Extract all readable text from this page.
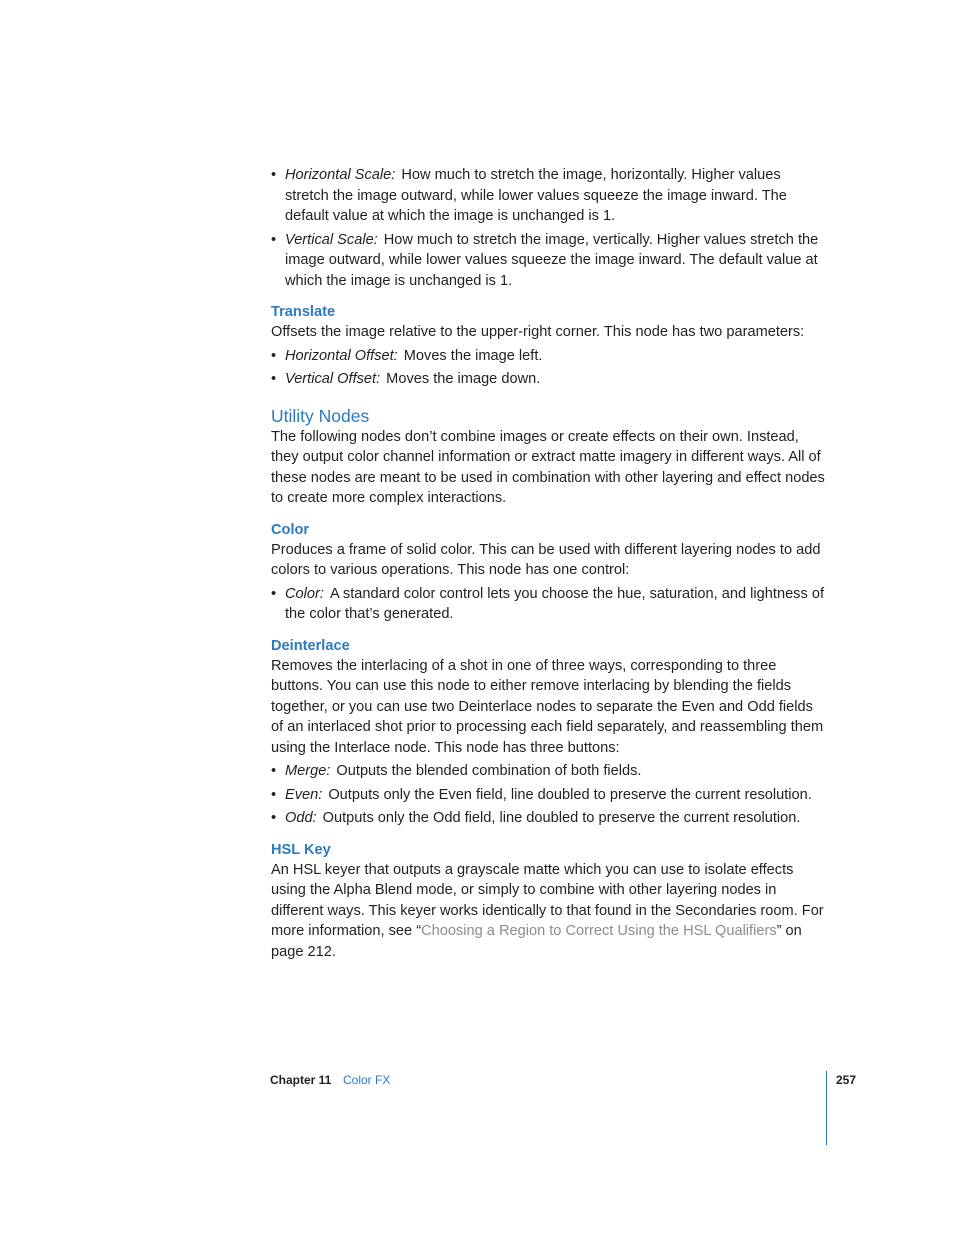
• Horizontal Scale: How much to stretch the image, horizontally. Higher values stretch the image outward, while lower values squeeze the image inward. The default value at which the image is unchanged is 1.
• Vertical Scale: How much to stretch the image, vertically. Higher values stretch the image outward, while lower values squeeze the image inward. The default value at which the image is unchanged is 1.
Translate

Offsets the image relative to the upper-right corner. This node has two parameters:

• Horizontal Offset: Moves the image left.
• Vertical Offset: Moves the image down.
Utility Nodes

The following nodes don’t combine images or create effects on their own. Instead, they output color channel information or extract matte imagery in different ways. All of these nodes are meant to be used in combination with other layering and effect nodes to create more complex interactions.

Color

Produces a frame of solid color. This can be used with different layering nodes to add colors to various operations. This node has one control:

• Color: A standard color control lets you choose the hue, saturation, and lightness of the color that’s generated.
Deinterlace

Removes the interlacing of a shot in one of three ways, corresponding to three buttons. You can use this node to either remove interlacing by blending the fields together, or you can use two Deinterlace nodes to separate the Even and Odd fields of an interlaced shot prior to processing each field separately, and reassembling them using the Interlace node. This node has three buttons:

• Merge: Outputs the blended combination of both fields.
• Even: Outputs only the Even field, line doubled to preserve the current resolution.
• Odd: Outputs only the Odd field, line doubled to preserve the current resolution.
HSL Key

An HSL keyer that outputs a grayscale matte which you can use to isolate effects using the Alpha Blend mode, or simply to combine with other layering nodes in different ways. This keyer works identically to that found in the Secondaries room. For more information, see “Choosing a Region to Correct Using the HSL Qualifiers” on page 212.

Chapter 11 Color FX	257
